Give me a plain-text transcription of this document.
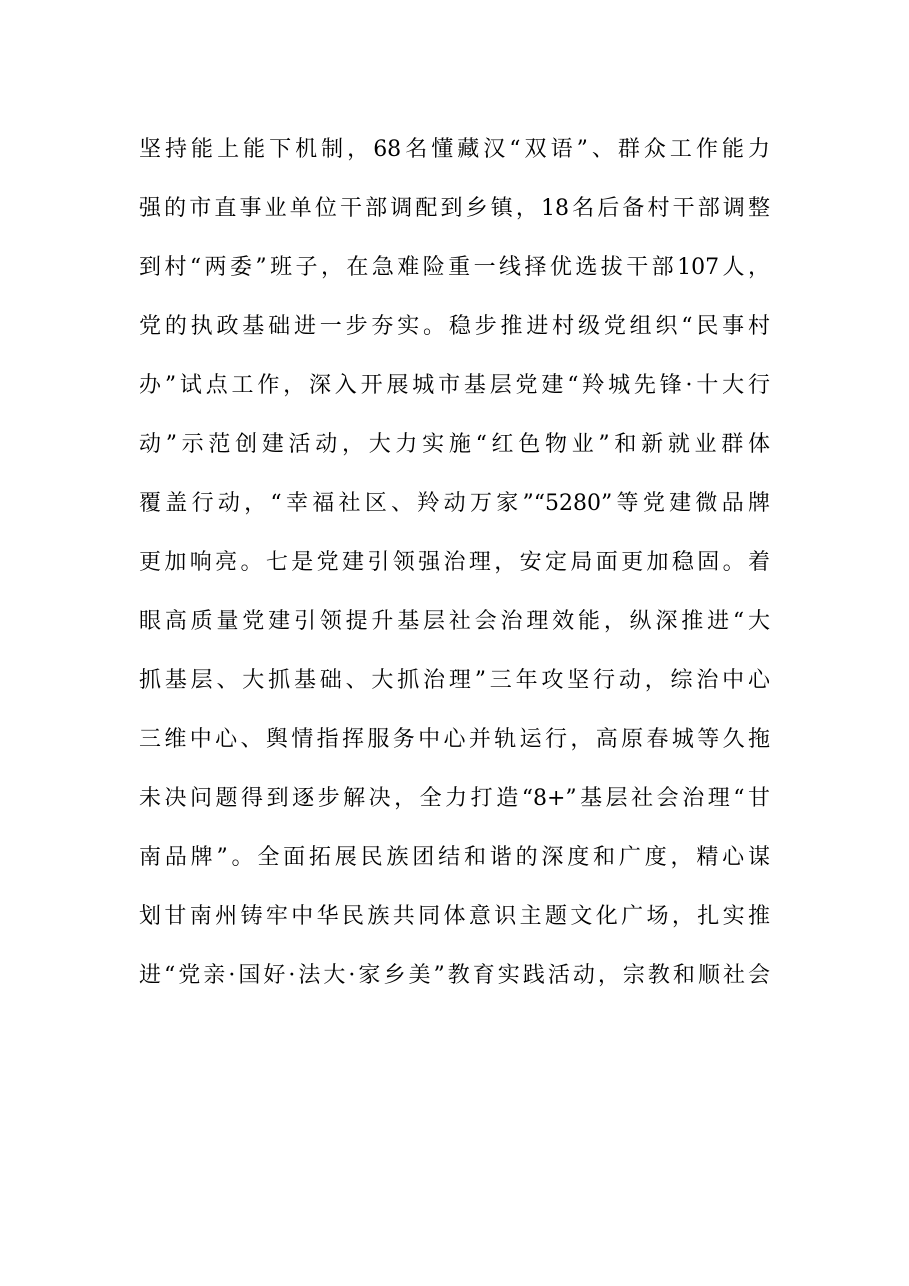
坚持能上能下机制，68名懂藏汉“双语”、群众工作能力
强的市直事业单位干部调配到乡镇，18名后备村干部调整
到村“两委”班子，在急难险重一线择优选拔干部107人，
党的执政基础进一步夯实。稳步推进村级党组织“民事村
办”试点工作，深入开展城市基层党建“羚城先锋·十大行
动”示范创建活动，大力实施“红色物业”和新就业群体
覆盖行动，“幸福社区、羚动万家”“5280”等党建微品牌
更加响亮。七是党建引领强治理，安定局面更加稳固。着
眼高质量党建引领提升基层社会治理效能，纵深推进“大
抓基层、大抓基础、大抓治理”三年攻坚行动，综治中心
三维中心、舆情指挥服务中心并轨运行，高原春城等久拖
未决问题得到逐步解决，全力打造“8+”基层社会治理“甘
南品牌”。全面拓展民族团结和谐的深度和广度，精心谋
划甘南州铸牢中华民族共同体意识主题文化广场，扎实推
进“党亲·国好·法大·家乡美”教育实践活动，宗教和顺社会
